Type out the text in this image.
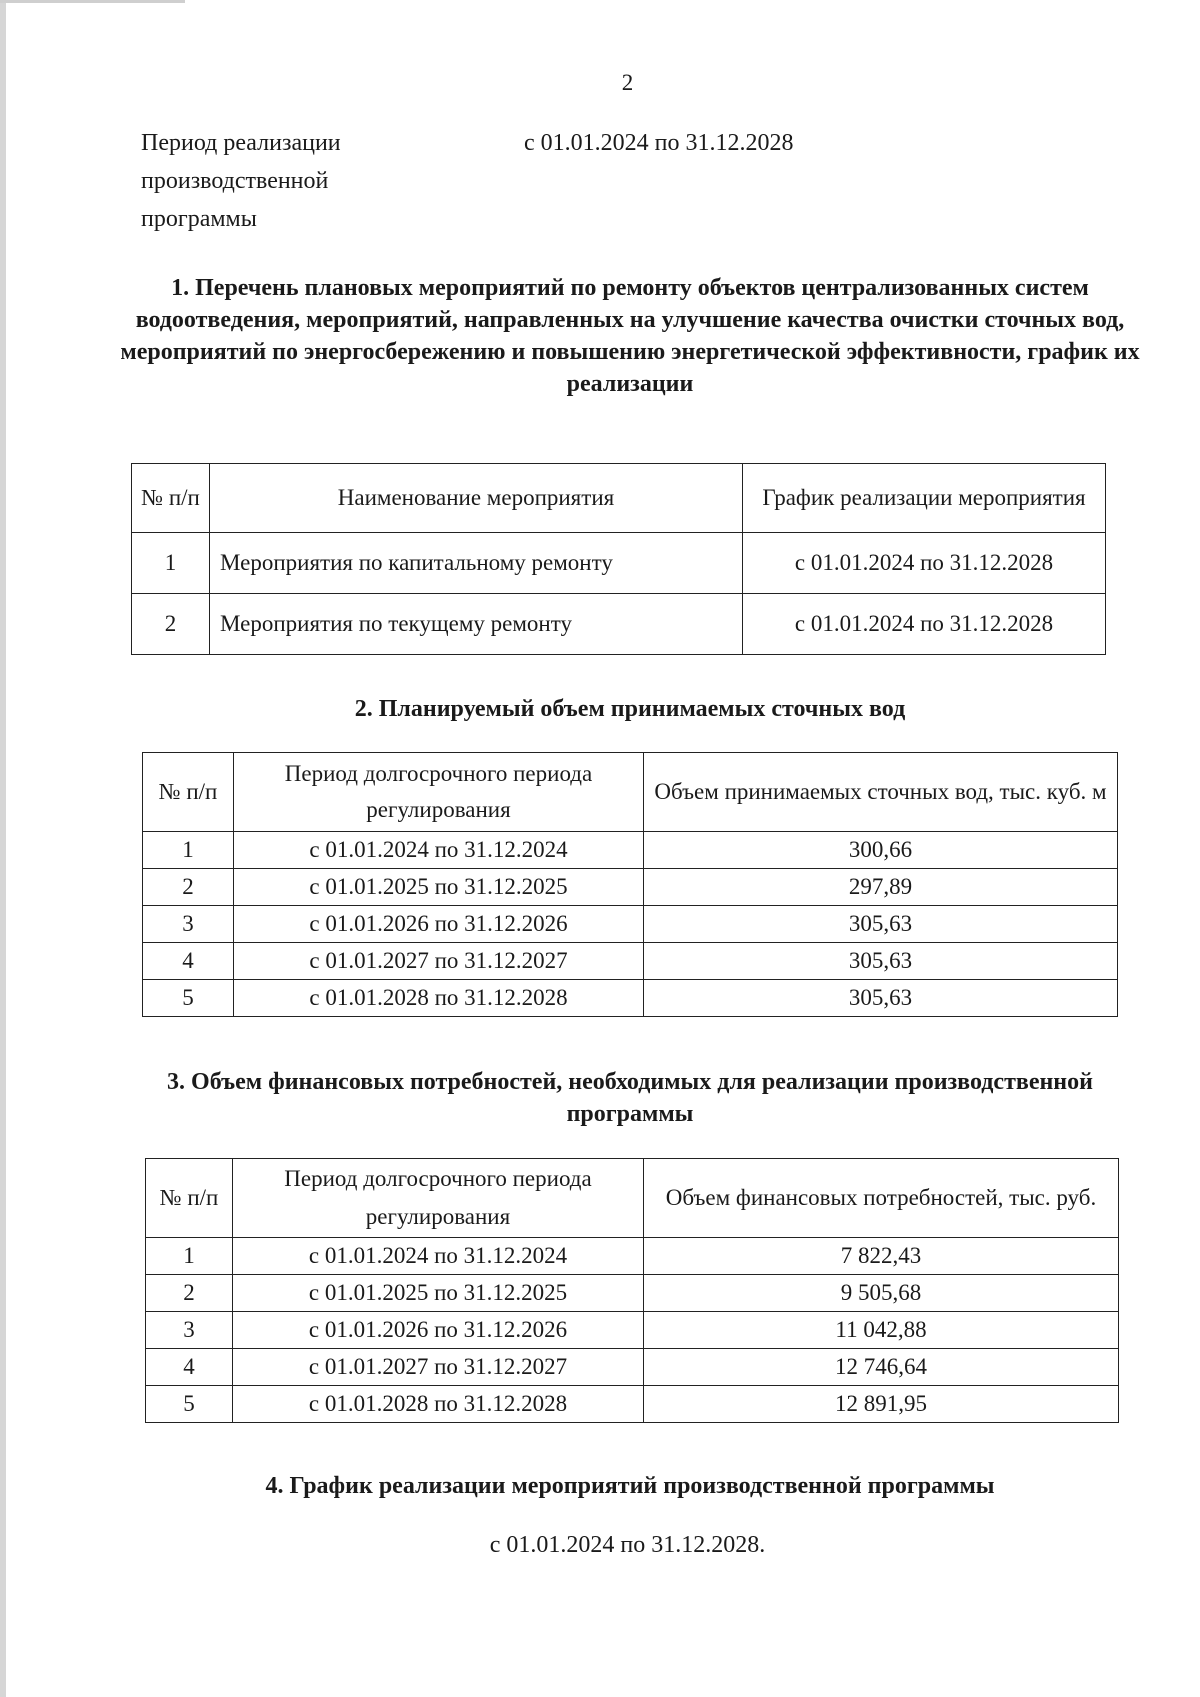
2
Период реализации производственной программы
с 01.01.2024 по 31.12.2028
1. Перечень плановых мероприятий по ремонту объектов централизованных систем водоотведения, мероприятий, направленных на улучшение качества очистки сточных вод, мероприятий по энергосбережению и повышению энергетической эффективности, график их реализации
№ п/п	Наименование мероприятия	График реализации мероприятия
1	Мероприятия по капитальному ремонту	с 01.01.2024 по 31.12.2028
2	Мероприятия по текущему ремонту	с 01.01.2024 по 31.12.2028
2. Планируемый объем принимаемых сточных вод
№ п/п	Период долгосрочного периода регулирования	Объем принимаемых сточных вод, тыс. куб. м
1	с 01.01.2024 по 31.12.2024	300,66
2	с 01.01.2025 по 31.12.2025	297,89
3	с 01.01.2026 по 31.12.2026	305,63
4	с 01.01.2027 по 31.12.2027	305,63
5	с 01.01.2028 по 31.12.2028	305,63
3. Объем финансовых потребностей, необходимых для реализации производственной программы
№ п/п	Период долгосрочного периода регулирования	Объем финансовых потребностей, тыс. руб.
1	с 01.01.2024 по 31.12.2024	7 822,43
2	с 01.01.2025 по 31.12.2025	9 505,68
3	с 01.01.2026 по 31.12.2026	11 042,88
4	с 01.01.2027 по 31.12.2027	12 746,64
5	с 01.01.2028 по 31.12.2028	12 891,95
4. График реализации мероприятий производственной программы
с 01.01.2024 по 31.12.2028.
